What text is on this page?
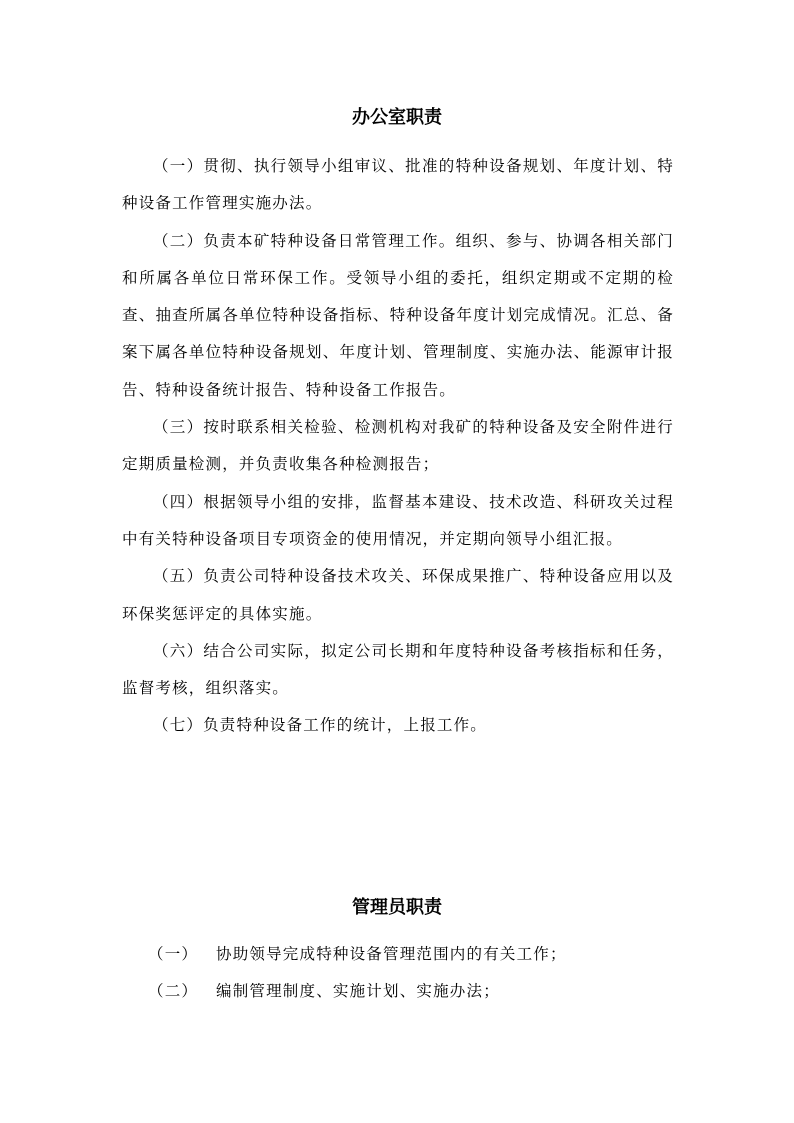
办公室职责

（一）贯彻、执行领导小组审议、批准的特种设备规划、年度计划、特种设备工作管理实施办法。

（二）负责本矿特种设备日常管理工作。组织、参与、协调各相关部门和所属各单位日常环保工作。受领导小组的委托，组织定期或不定期的检查、抽查所属各单位特种设备指标、特种设备年度计划完成情况。汇总、备案下属各单位特种设备规划、年度计划、管理制度、实施办法、能源审计报告、特种设备统计报告、特种设备工作报告。

（三）按时联系相关检验、检测机构对我矿的特种设备及安全附件进行定期质量检测，并负责收集各种检测报告；

（四）根据领导小组的安排，监督基本建设、技术改造、科研攻关过程中有关特种设备项目专项资金的使用情况，并定期向领导小组汇报。

（五）负责公司特种设备技术攻关、环保成果推广、特种设备应用以及环保奖惩评定的具体实施。

（六）结合公司实际，拟定公司长期和年度特种设备考核指标和任务，监督考核，组织落实。

（七）负责特种设备工作的统计，上报工作。

管理员职责

（一） 协助领导完成特种设备管理范围内的有关工作；

（二） 编制管理制度、实施计划、实施办法；
